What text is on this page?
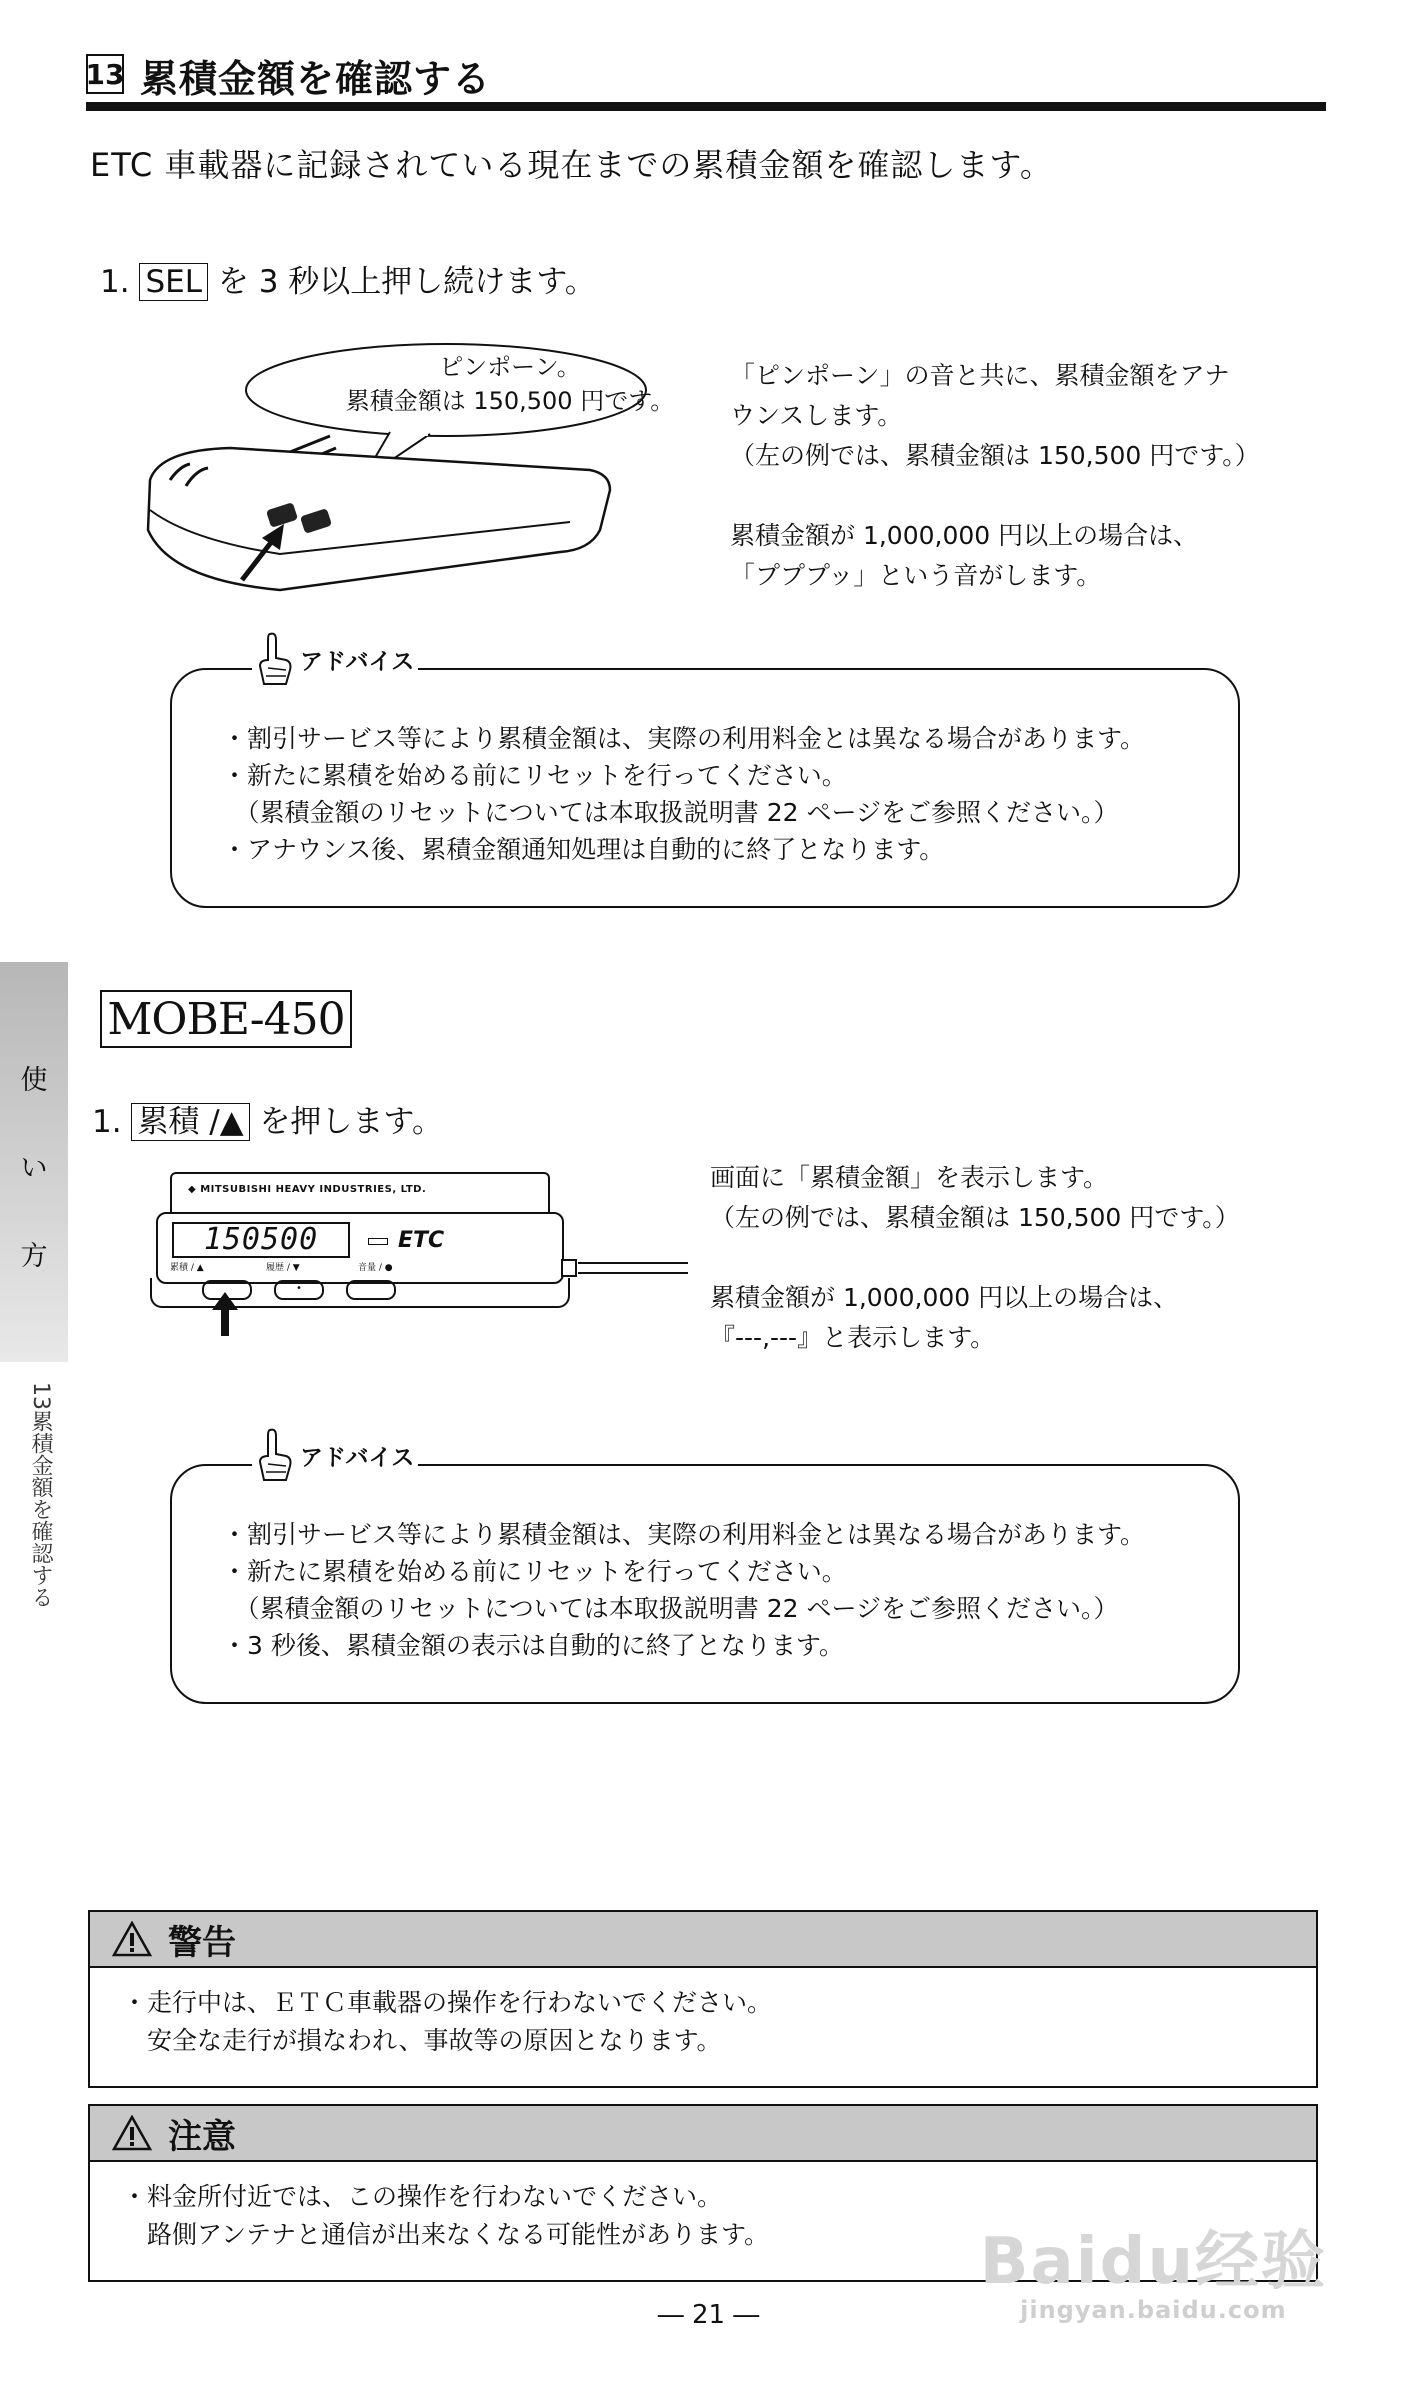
13 累積金額を確認する
ETC 車載器に記録されている現在までの累積金額を確認します。
1. SEL を 3 秒以上押し続けます。
ピンポーン。
累積金額は 150,500 円です。
「ピンポーン」の音と共に、累積金額をアナ
ウンスします。
（左の例では、累積金額は 150,500 円です。）
累積金額が 1,000,000 円以上の場合は、
「プププッ」という音がします。
アドバイス
・割引サービス等により累積金額は、実際の利用料金とは異なる場合があります。
・新たに累積を始める前にリセットを行ってください。
　（累積金額のリセットについては本取扱説明書 22 ページをご参照ください。）
・アナウンス後、累積金額通知処理は自動的に終了となります。
使
い
方
13累積金額を確認する
MOBE-450
1. 累積 /▲ を押します。
◆ MITSUBISHI HEAVY INDUSTRIES, LTD.
150500	ETC
累積 / ▲	履歴 / ▼	音量 / ●
•
画面に「累積金額」を表示します。
（左の例では、累積金額は 150,500 円です。）
累積金額が 1,000,000 円以上の場合は、
『---,---』と表示します。
アドバイス
・割引サービス等により累積金額は、実際の利用料金とは異なる場合があります。
・新たに累積を始める前にリセットを行ってください。
　（累積金額のリセットについては本取扱説明書 22 ページをご参照ください。）
・3 秒後、累積金額の表示は自動的に終了となります。
警告
・走行中は、ＥＴＣ車載器の操作を行わないでください。
　安全な走行が損なわれ、事故等の原因となります。
注意
・料金所付近では、この操作を行わないでください。
　路側アンテナと通信が出来なくなる可能性があります。
― 21 ―
Baidu经验
jingyan.baidu.com
